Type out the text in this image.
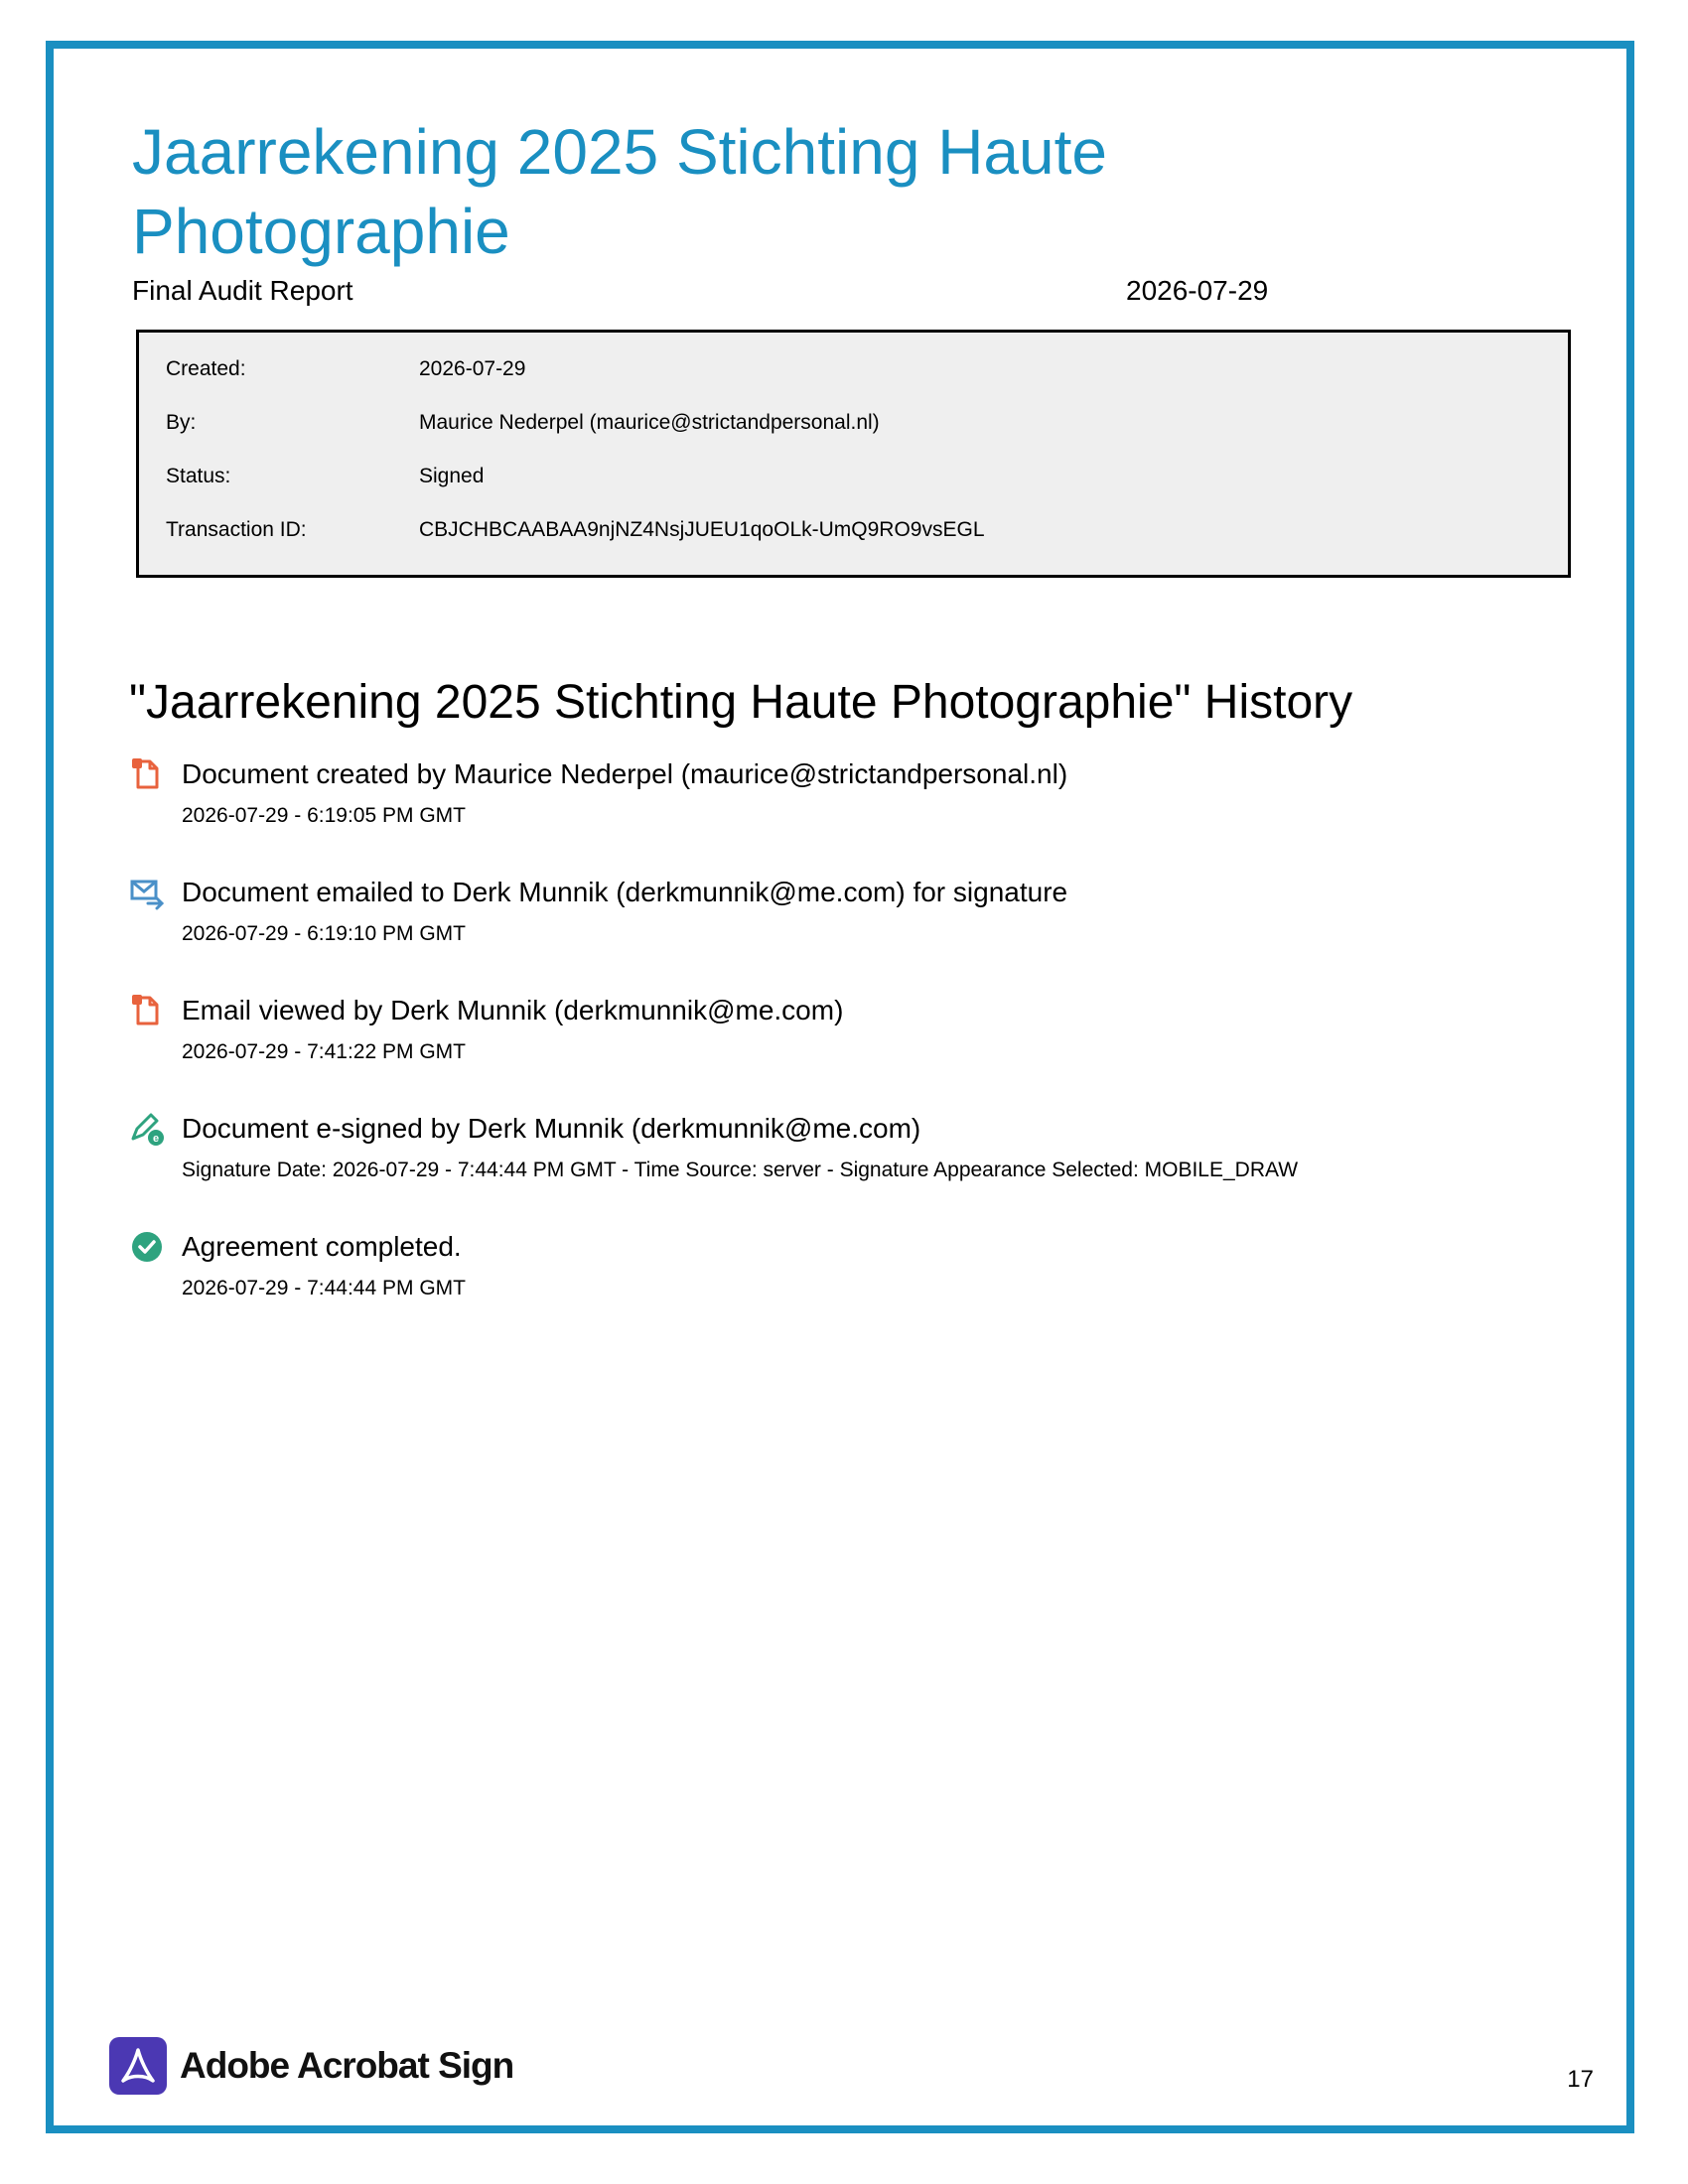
Jaarrekening 2025 Stichting Haute Photographie
Final Audit Report	2026-07-29
Created:	2026-07-29
By:	Maurice Nederpel (maurice@strictandpersonal.nl)
Status:	Signed
Transaction ID:	CBJCHBCAABAA9njNZ4NsjJUEU1qoOLk-UmQ9RO9vsEGL
"Jaarrekening 2025 Stichting Haute Photographie" History
Document created by Maurice Nederpel (maurice@strictandpersonal.nl)
2026-07-29 - 6:19:05 PM GMT
Document emailed to Derk Munnik (derkmunnik@me.com) for signature
2026-07-29 - 6:19:10 PM GMT
Email viewed by Derk Munnik (derkmunnik@me.com)
2026-07-29 - 7:41:22 PM GMT
e Document e-signed by Derk Munnik (derkmunnik@me.com)
Signature Date: 2026-07-29 - 7:44:44 PM GMT - Time Source: server - Signature Appearance Selected: MOBILE_DRAW
Agreement completed.
2026-07-29 - 7:44:44 PM GMT
Adobe Acrobat Sign	17
